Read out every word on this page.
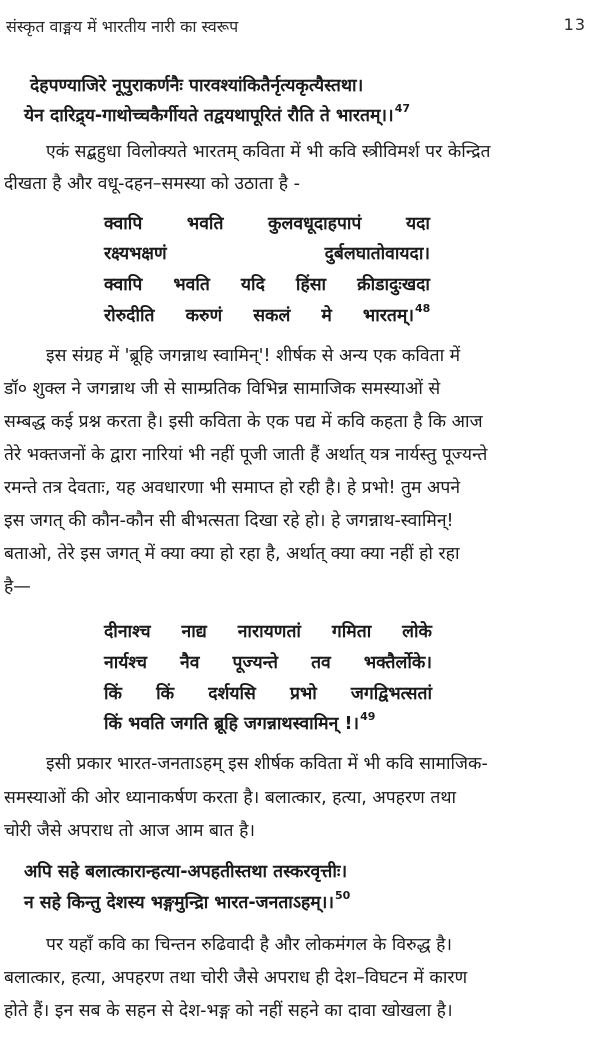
संस्कृत वाङ्मय में भारतीय नारी का स्वरूप	13
देहपण्याजिरे नूपुराकर्णनैः पारवश्यांकितैर्नृत्यकृत्यैस्तथा।
येन दारिद्र्य-गाथोच्चकैर्गीयते तद्वयथापूरितं रौति ते भारतम्।।$^{47}$
एकं सद्बहुधा विलोक्यते भारतम् कविता में भी कवि स्त्रीविमर्श पर केन्द्रित
दीखता है और वधू-दहन–समस्या को उठाता है -
क्वापि	भवति	कुलवधूदाहपापं	यदा
रक्ष्यभक्षणं	दुर्बलघातोवायदा।
क्वापि भवति यदि हिंसा क्रीडादुःखदा
रोरुदीति करुणं सकलं मे भारतम्। $^{48}$
इस संग्रह में 'ब्रूहि जगन्नाथ स्वामिन्'! शीर्षक से अन्य एक कविता में
डॉ० शुक्ल ने जगन्नाथ जी से साम्प्रतिक विभिन्न सामाजिक समस्याओं से
सम्बद्ध कई प्रश्न करता है। इसी कविता के एक पद्य में कवि कहता है कि आज
तेरे भक्तजनों के द्वारा नारियां भी नहीं पूजी जाती हैं अर्थात् यत्र नार्यस्तु पूज्यन्ते
रमन्ते तत्र देवताः, यह अवधारणा भी समाप्त हो रही है। हे प्रभो! तुम अपने
इस जगत् की कौन-कौन सी बीभत्सता दिखा रहे हो। हे जगन्नाथ-स्वामिन्!
बताओ, तेरे इस जगत् में क्या क्या हो रहा है, अर्थात् क्या क्या नहीं हो रहा
है—
दीनाश्च नाद्य नारायणतां गमिता लोके
नार्यश्च नैव पूज्यन्ते तव भक्तैर्लोके।
किं किं दर्शयसि प्रभो जगद्विभत्सतां
किं भवति जगति ब्रूहि जगन्नाथस्वामिन् !।$^{49}$
इसी प्रकार भारत-जनताऽहम् इस शीर्षक कविता में भी कवि सामाजिक-
समस्याओं की ओर ध्यानाकर्षण करता है। बलात्कार, हत्या, अपहरण तथा
चोरी जैसे अपराध तो आज आम बात है।
अपि सहे बलात्कारान्हत्या-अपहतीस्तथा तस्करवृत्तीः।
न सहे किन्तु देशस्य भङ्गमुन्द्रिा भारत-जनताऽहम्।।$^{50}$
पर यहाँ कवि का चिन्तन रुढिवादी है और लोकमंगल के विरुद्ध है।
बलात्कार, हत्या, अपहरण तथा चोरी जैसे अपराध ही देश–विघटन में कारण
होते हैं। इन सब के सहन से देश-भङ्ग को नहीं सहने का दावा खोखला है।
